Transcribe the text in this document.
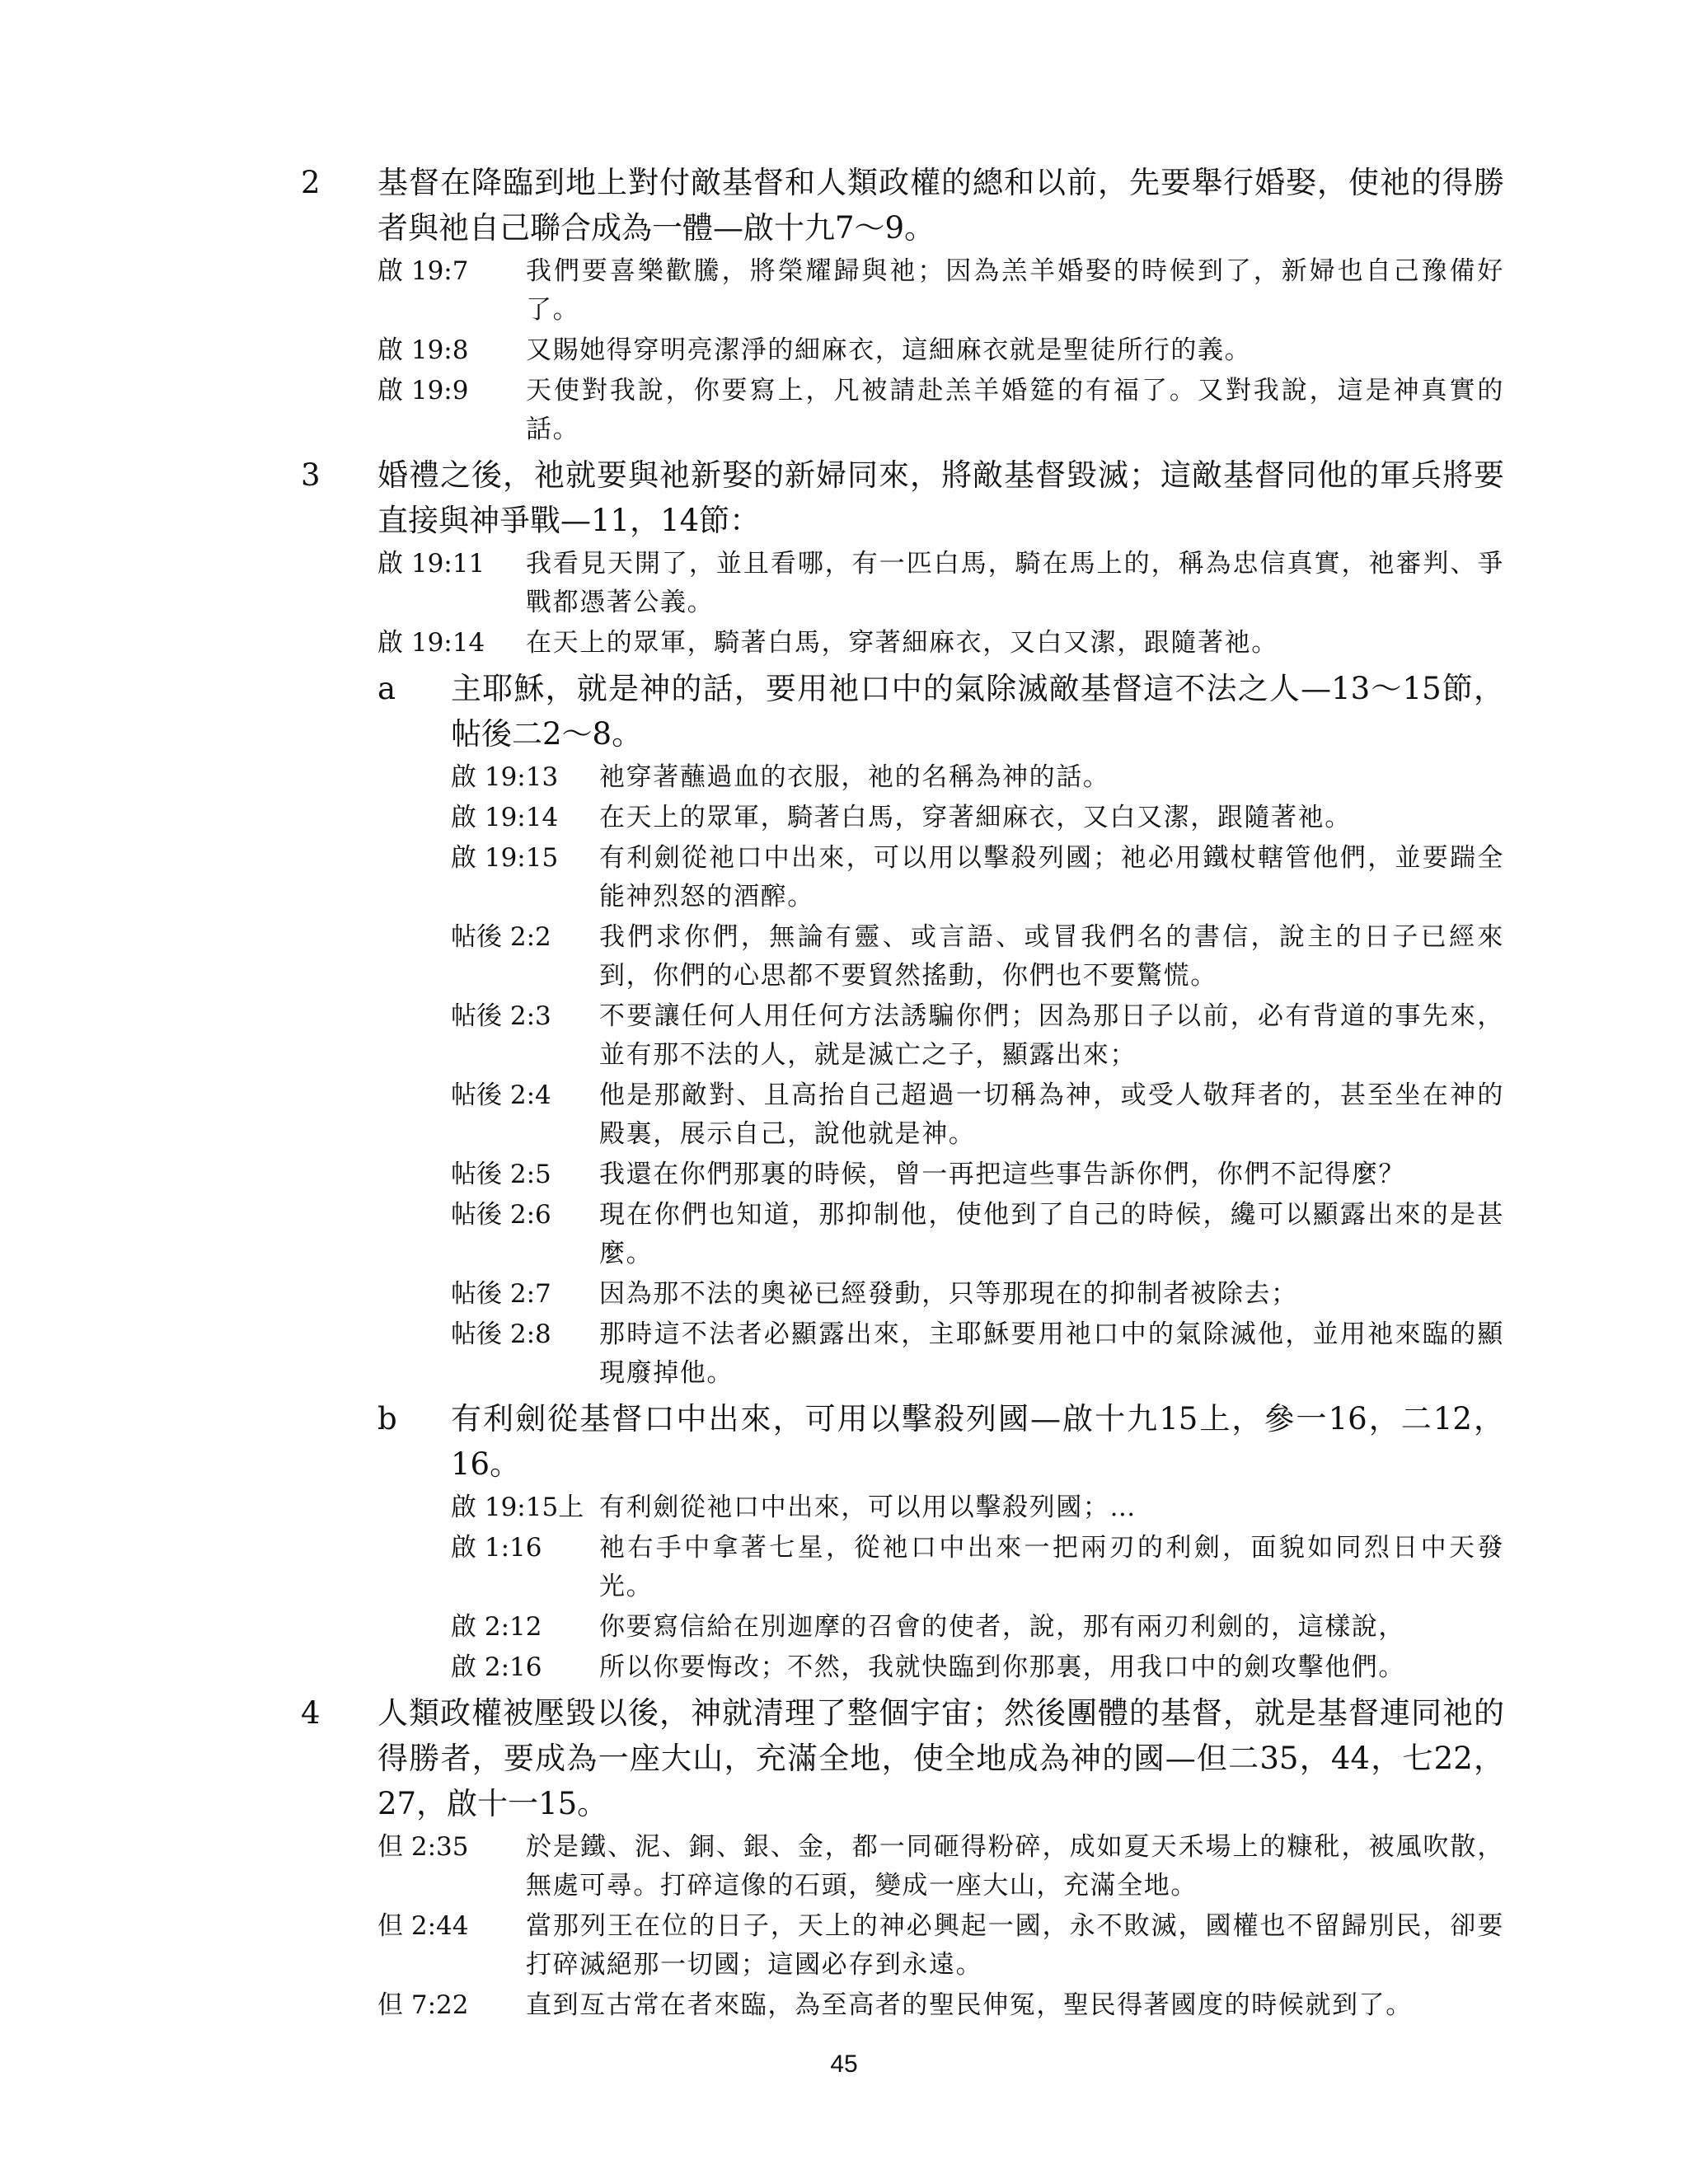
2	基督在降臨到地上對付敵基督和人類政權的總和以前，先要舉行婚娶，使祂的得勝者與祂自己聯合成為一體—啟十九7～9。
啟 19:7	我們要喜樂歡騰，將榮耀歸與祂；因為羔羊婚娶的時候到了，新婦也自己豫備好了。
啟 19:8	又賜她得穿明亮潔淨的細麻衣，這細麻衣就是聖徒所行的義。
啟 19:9	天使對我說，你要寫上，凡被請赴羔羊婚筵的有福了。又對我說，這是神真實的話。
3	婚禮之後，祂就要與祂新娶的新婦同來，將敵基督毀滅；這敵基督同他的軍兵將要直接與神爭戰—11，14節：
啟 19:11	我看見天開了，並且看哪，有一匹白馬，騎在馬上的，稱為忠信真實，祂審判、爭戰都憑著公義。
啟 19:14	在天上的眾軍，騎著白馬，穿著細麻衣，又白又潔，跟隨著祂。
a	主耶穌，就是神的話，要用祂口中的氣除滅敵基督這不法之人—13～15節，帖後二2～8。
啟 19:13	祂穿著蘸過血的衣服，祂的名稱為神的話。
啟 19:14	在天上的眾軍，騎著白馬，穿著細麻衣，又白又潔，跟隨著祂。
啟 19:15	有利劍從祂口中出來，可以用以擊殺列國；祂必用鐵杖轄管他們，並要踹全能神烈怒的酒醡。
帖後 2:2	我們求你們，無論有靈、或言語、或冒我們名的書信，說主的日子已經來到，你們的心思都不要貿然搖動，你們也不要驚慌。
帖後 2:3	不要讓任何人用任何方法誘騙你們；因為那日子以前，必有背道的事先來，並有那不法的人，就是滅亡之子，顯露出來；
帖後 2:4	他是那敵對、且高抬自己超過一切稱為神，或受人敬拜者的，甚至坐在神的殿裏，展示自己，說他就是神。
帖後 2:5	我還在你們那裏的時候，曾一再把這些事告訴你們，你們不記得麼？
帖後 2:6	現在你們也知道，那抑制他，使他到了自己的時候，纔可以顯露出來的是甚麼。
帖後 2:7	因為那不法的奧祕已經發動，只等那現在的抑制者被除去；
帖後 2:8	那時這不法者必顯露出來，主耶穌要用祂口中的氣除滅他，並用祂來臨的顯現廢掉他。
b	有利劍從基督口中出來，可用以擊殺列國—啟十九15上，參一16，二12，16。
啟 19:15上 有利劍從祂口中出來，可以用以擊殺列國；…
啟 1:16	祂右手中拿著七星，從祂口中出來一把兩刃的利劍，面貌如同烈日中天發光。
啟 2:12	你要寫信給在別迦摩的召會的使者，說，那有兩刃利劍的，這樣說，
啟 2:16	所以你要悔改；不然，我就快臨到你那裏，用我口中的劍攻擊他們。
4	人類政權被壓毀以後，神就清理了整個宇宙；然後團體的基督，就是基督連同祂的得勝者，要成為一座大山，充滿全地，使全地成為神的國—但二35，44，七22，27，啟十一15。
但 2:35	於是鐵、泥、銅、銀、金，都一同砸得粉碎，成如夏天禾場上的糠秕，被風吹散，無處可尋。打碎這像的石頭，變成一座大山，充滿全地。
但 2:44	當那列王在位的日子，天上的神必興起一國，永不敗滅，國權也不留歸別民，卻要打碎滅絕那一切國；這國必存到永遠。
但 7:22	直到亙古常在者來臨，為至高者的聖民伸冤，聖民得著國度的時候就到了。
45
